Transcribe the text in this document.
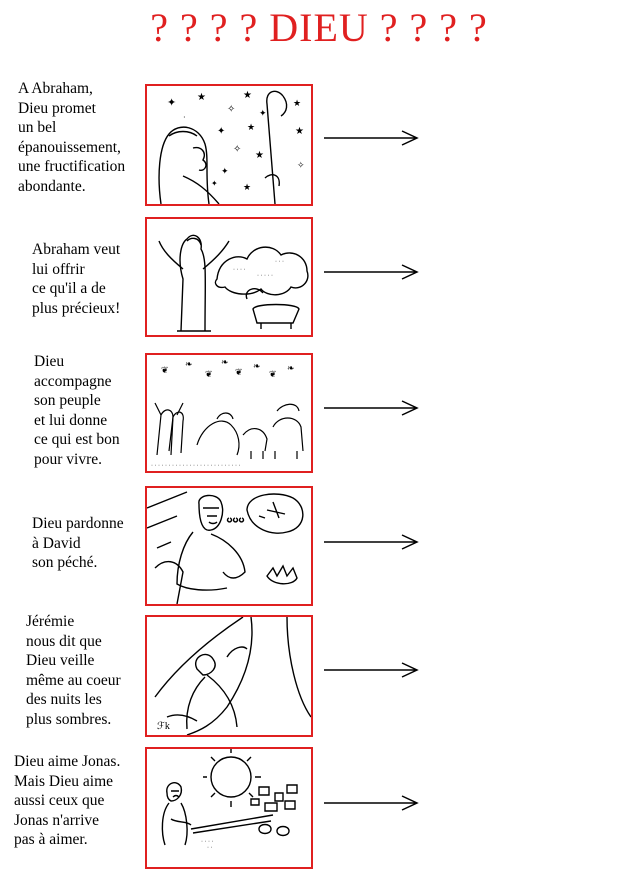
? ? ? ? DIEU ? ? ? ?
A Abraham,
Dieu promet
un bel
épanouissement,
une fructification
abondante.
✦ ★
✧
★
✦ ★
✧
★
✦
★
✧
★
✦
★
·
✦
Abraham veut
lui offrir
ce qu'il a de
plus précieux!
· · · ·
· · · · ·
· · ·
Dieu
accompagne
son peuple
et lui donne
ce qui est bon
pour vivre.
❦
❧
❦
❧
❦
❧
❦
❧
· · · · · · · · · · · · · · · · · · · · · · · · · ·
Dieu pardonne
à David
son péché.
Jérémie
nous dit que
Dieu veille
même au coeur
des nuits les
plus sombres.	ℱk
Dieu aime Jonas.
Mais Dieu aime
aussi ceux que
Jonas n'arrive
pas à aimer.	· · · ·
· ·
